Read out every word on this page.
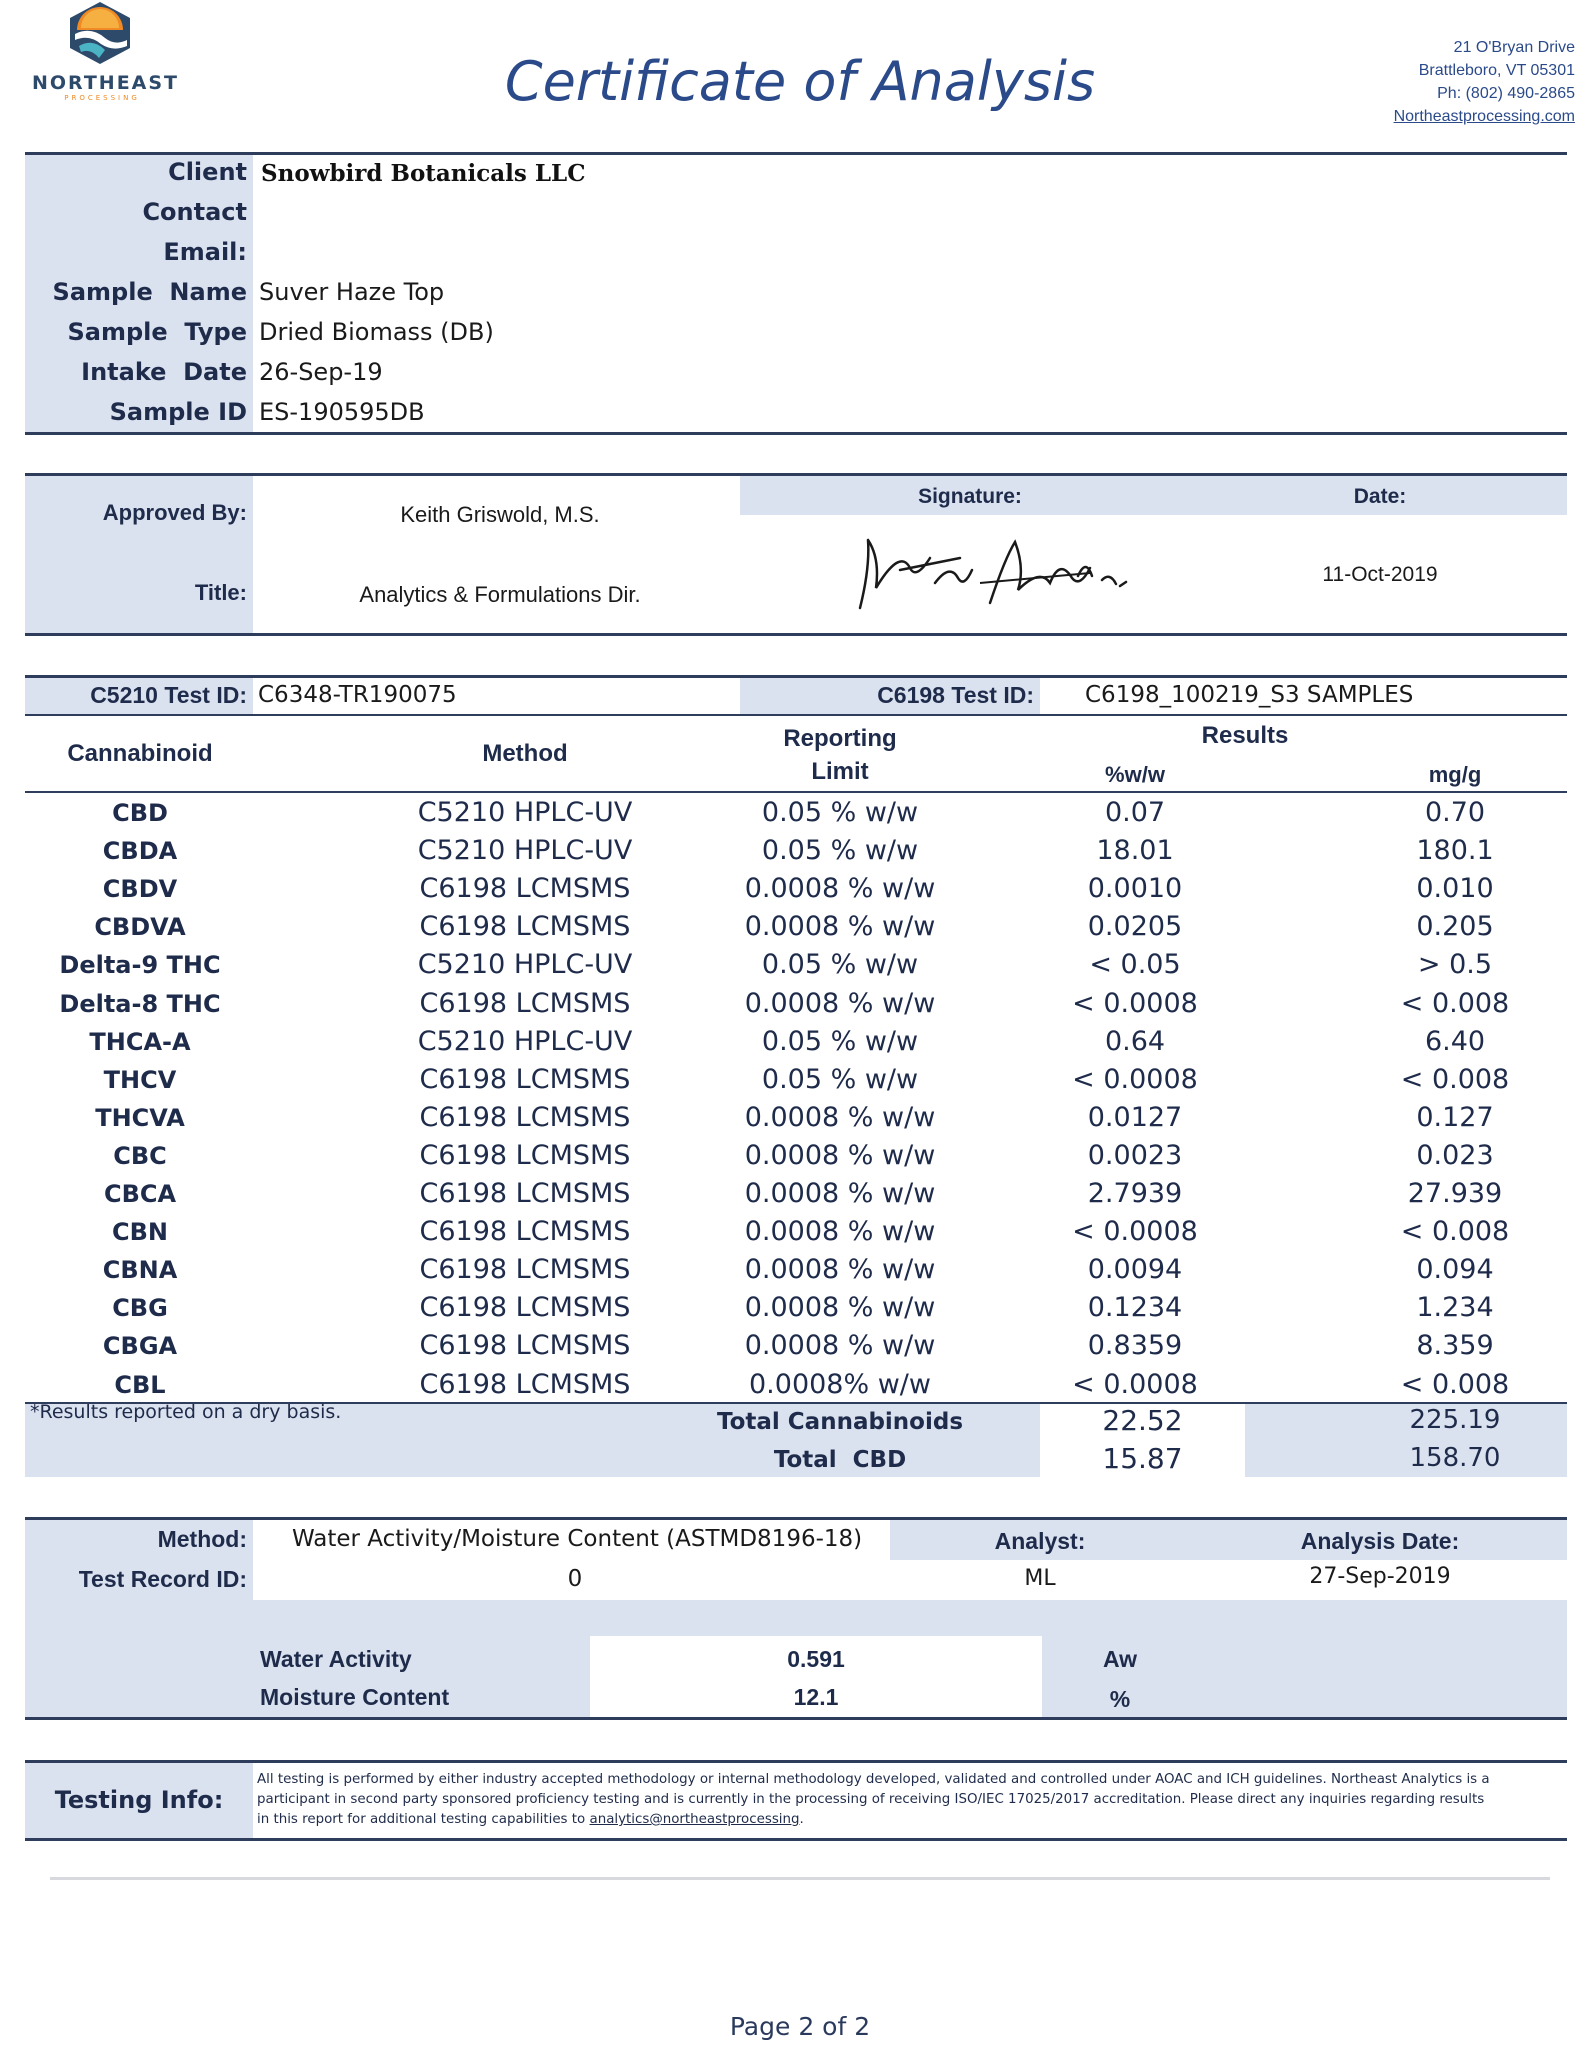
NORTHEAST
PROCESSING	Certificate of Analysis
21 O'Bryan Drive
Brattleboro, VT 05301
Ph: (802) 490-2865
Northeastprocessing.com
Client Snowbird Botanicals LLC
Contact
Email:
Sample  Name Suver Haze Top
Sample  Type Dried Biomass (DB)
Intake  Date 26-Sep-19
Sample ID ES-190595DB
Approved By:	Keith Griswold, M.S.
Title:	Analytics & Formulations Dir.
Signature:	Date:
11-Oct-2019
C5210 Test ID: C6348-TR190075	C6198 Test ID: C6198_100219_S3 SAMPLES
Cannabinoid	Method
Reporting
Limit
Results
%w/w	mg/g
CBD	C5210 HPLC-UV	0.05 % w/w	0.07	0.70
CBDA	C5210 HPLC-UV	0.05 % w/w	18.01	180.1
CBDV	C6198 LCMSMS	0.0008 % w/w	0.0010	0.010
CBDVA	C6198 LCMSMS	0.0008 % w/w	0.0205	0.205
Delta-9 THC	C5210 HPLC-UV	0.05 % w/w	< 0.05	> 0.5
Delta-8 THC	C6198 LCMSMS	0.0008 % w/w	< 0.0008	< 0.008
THCA-A	C5210 HPLC-UV	0.05 % w/w	0.64	6.40
THCV	C6198 LCMSMS	0.05 % w/w	< 0.0008	< 0.008
THCVA	C6198 LCMSMS	0.0008 % w/w	0.0127	0.127
CBC	C6198 LCMSMS	0.0008 % w/w	0.0023	0.023
CBCA	C6198 LCMSMS	0.0008 % w/w	2.7939	27.939
CBN	C6198 LCMSMS	0.0008 % w/w	< 0.0008	< 0.008
CBNA	C6198 LCMSMS	0.0008 % w/w	0.0094	0.094
CBG	C6198 LCMSMS	0.0008 % w/w	0.1234	1.234
CBGA	C6198 LCMSMS	0.0008 % w/w	0.8359	8.359
CBL	C6198 LCMSMS	0.0008% w/w	< 0.0008	< 0.008
*Results reported on a dry basis.	Total Cannabinoids	22.52	225.19
Total  CBD	15.87	158.70
Method: Water Activity/Moisture Content (ASTMD8196-18)
Test Record ID:	0
Analyst:
ML
Analysis Date:
27-Sep-2019
Water Activity	0.591	Aw
Moisture Content	12.1	%
Testing Info:
All testing is performed by either industry accepted methodology or internal methodology developed, validated and controlled under AOAC and ICH guidelines. Northeast Analytics is a
participant in second party sponsored proficiency testing and is currently in the processing of receiving ISO/IEC 17025/2017 accreditation. Please direct any inquiries regarding results
in this report for additional testing capabilities to analytics@northeastprocessing.
Page 2 of 2
